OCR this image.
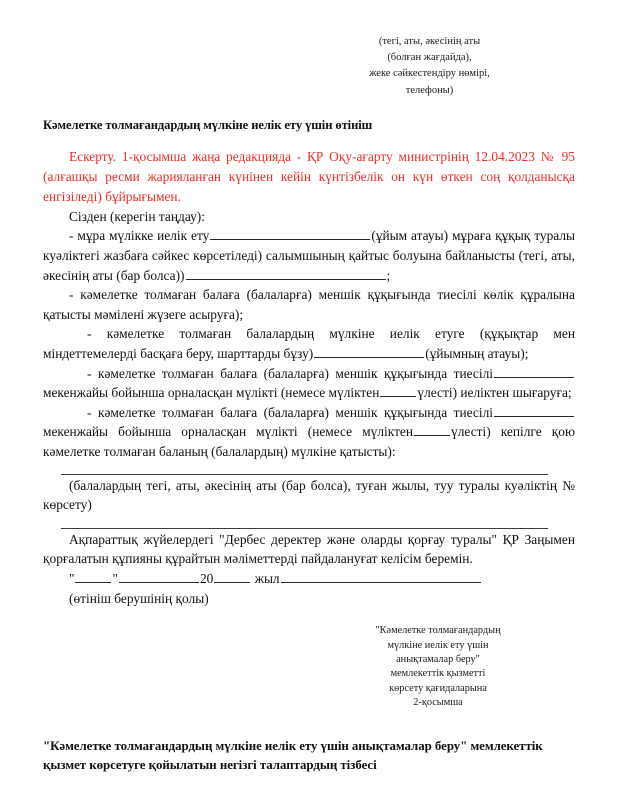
(тегі, аты, әкесінің аты
(болған жағдайда),
жеке сәйкестендіру нөмірі,
телефоны)
Кәмелетке толмағандардың мүлкіне иелік ету үшін өтініш
Ескерту. 1-қосымша жаңа редакцияда - ҚР Оқу-ағарту министрінің 12.04.2023 № 95 (алғашқы ресми жарияланған күнінен кейін күнтізбелік он күн өткен соң қолданысқа енгізіледі) бұйрығымен.

Сізден (керегін таңдау):

- мұра мүлікке иелік ету	(ұйым атауы) мұраға құқық туралы куәліктегі жазбаға сәйкес көрсетіледі) салымшының қайтыс болуына байланысты (тегі, аты, әкесінің аты (бар болса))	;

- кәмелетке толмаған балаға (балаларға) меншік құқығында тиесілі көлік құралына қатысты мәмілені жүзеге асыруға);

- кәмелетке толмаған балалардың мүлкіне иелік етуге (құқықтар мен міндеттемелерді басқаға беру, шарттарды бұзу)	(ұйымның атауы);

- кәмелетке толмаған балаға (балаларға) меншік құқығында тиесілімекенжайы бойынша орналасқан мүлікті (немесе мүліктен	үлесті) иеліктен шығаруға;

- кәмелетке толмаған балаға (балаларға) меншік құқығында тиесілімекенжайы бойынша орналасқан мүлікті (немесе мүліктен	үлесті) кепілге қою кәмелетке толмаған баланың (балалардың) мүлкіне қатысты):

(балалардың тегі, аты, әкесінің аты (бар болса), туған жылы, туу туралы куәліктің № көрсету)

Ақпараттық жүйелердегі "Дербес деректер және оларды қорғау туралы" ҚР Заңымен қорғалатын құпияны құрайтын мәліметтерді пайдалануғат келісім беремін.

"	"	20	жыл

(өтініш берушінің қолы)

"Кәмелетке толмағандардың
мүлкіне иелік ету үшін
анықтамалар беру"
мемлекеттік қызметті
көрсету қағидаларына
2-қосымша
"Кәмелетке толмағандардың мүлкіне иелік ету үшін анықтамалар беру" мемлекеттік қызмет көрсетуге қойылатын негізгі талаптардың тізбесі
